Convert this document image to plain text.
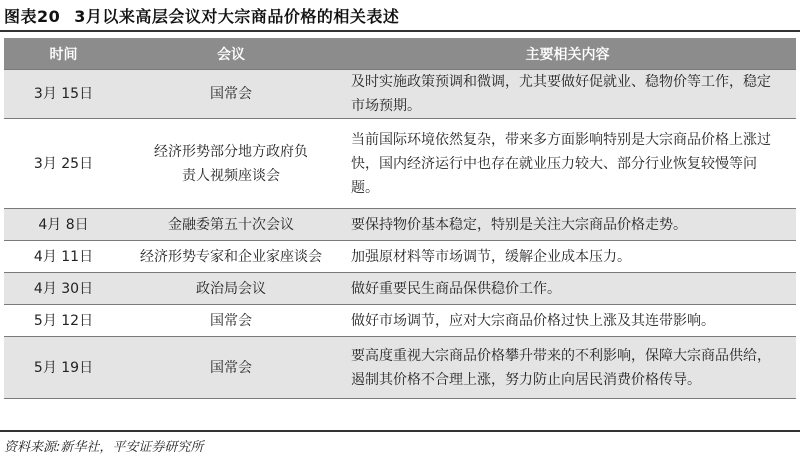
图表20 3月以来高层会议对大宗商品价格的相关表述
时间	会议	主要相关内容
3月 15日	国常会	及时实施政策预调和微调，尤其要做好促就业、稳物价等工作，稳定市场预期。
3月 25日	经济形势部分地方政府负责人视频座谈会	当前国际环境依然复杂，带来多方面影响特别是大宗商品价格上涨过快，国内经济运行中也存在就业压力较大、部分行业恢复较慢等问题。
4月 8日	金融委第五十次会议	要保持物价基本稳定，特别是关注大宗商品价格走势。
4月 11日	经济形势专家和企业家座谈会	加强原材料等市场调节，缓解企业成本压力。
4月 30日	政治局会议	做好重要民生商品保供稳价工作。
5月 12日	国常会	做好市场调节，应对大宗商品价格过快上涨及其连带影响。
5月 19日	国常会	要高度重视大宗商品价格攀升带来的不利影响，保障大宗商品供给，遏制其价格不合理上涨，努力防止向居民消费价格传导。
资料来源:新华社，平安证券研究所
